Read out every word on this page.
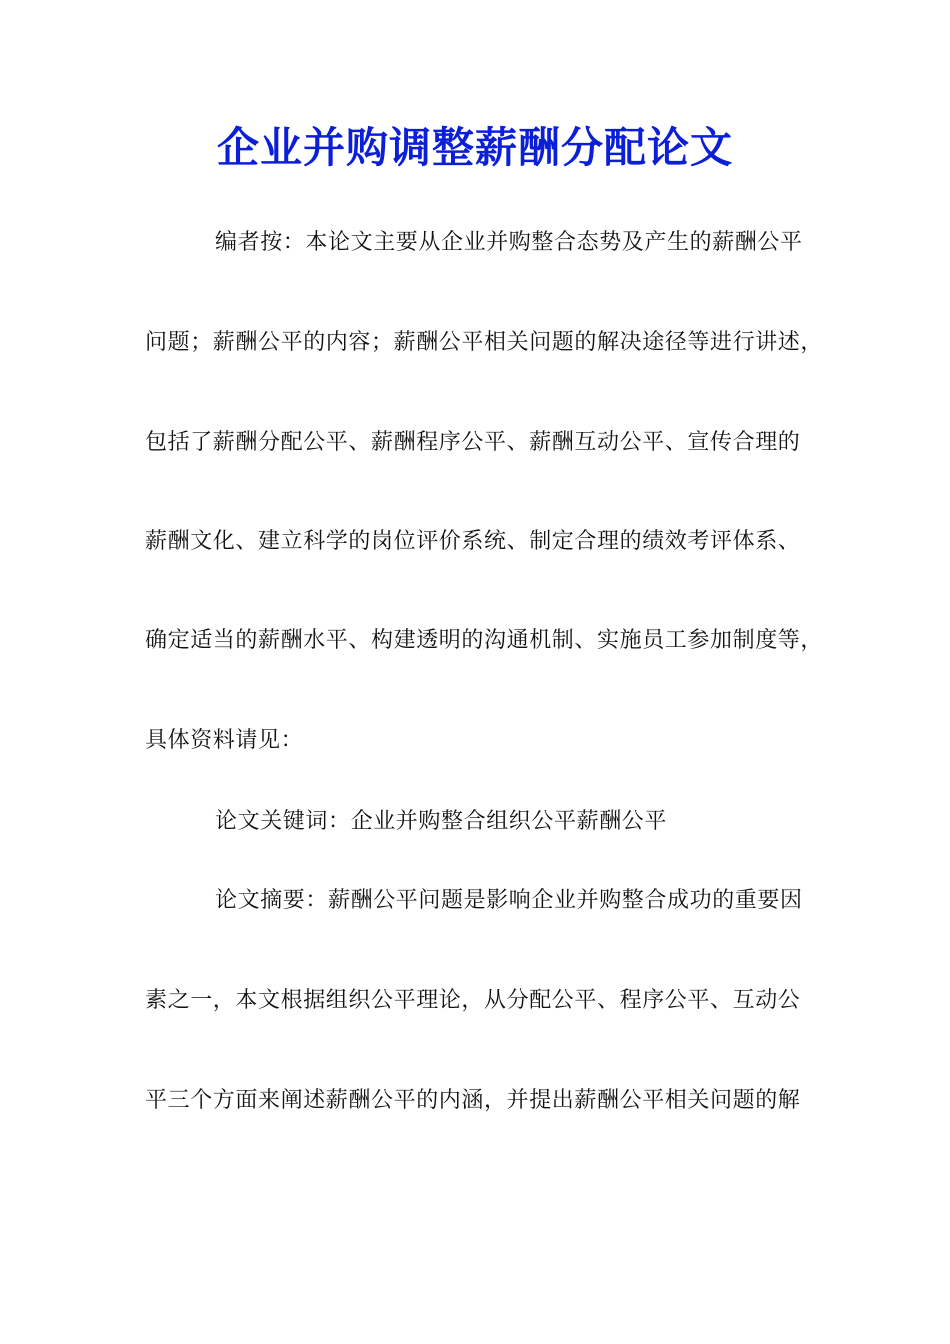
企业并购调整薪酬分配论文
编者按：本论文主要从企业并购整合态势及产生的薪酬公平
问题；薪酬公平的内容；薪酬公平相关问题的解决途径等进行讲述，
包括了薪酬分配公平、薪酬程序公平、薪酬互动公平、宣传合理的
薪酬文化、建立科学的岗位评价系统、制定合理的绩效考评体系、
确定适当的薪酬水平、构建透明的沟通机制、实施员工参加制度等，
具体资料请见：
论文关键词：企业并购整合组织公平薪酬公平
论文摘要：薪酬公平问题是影响企业并购整合成功的重要因
素之一，本文根据组织公平理论，从分配公平、程序公平、互动公
平三个方面来阐述薪酬公平的内涵，并提出薪酬公平相关问题的解
